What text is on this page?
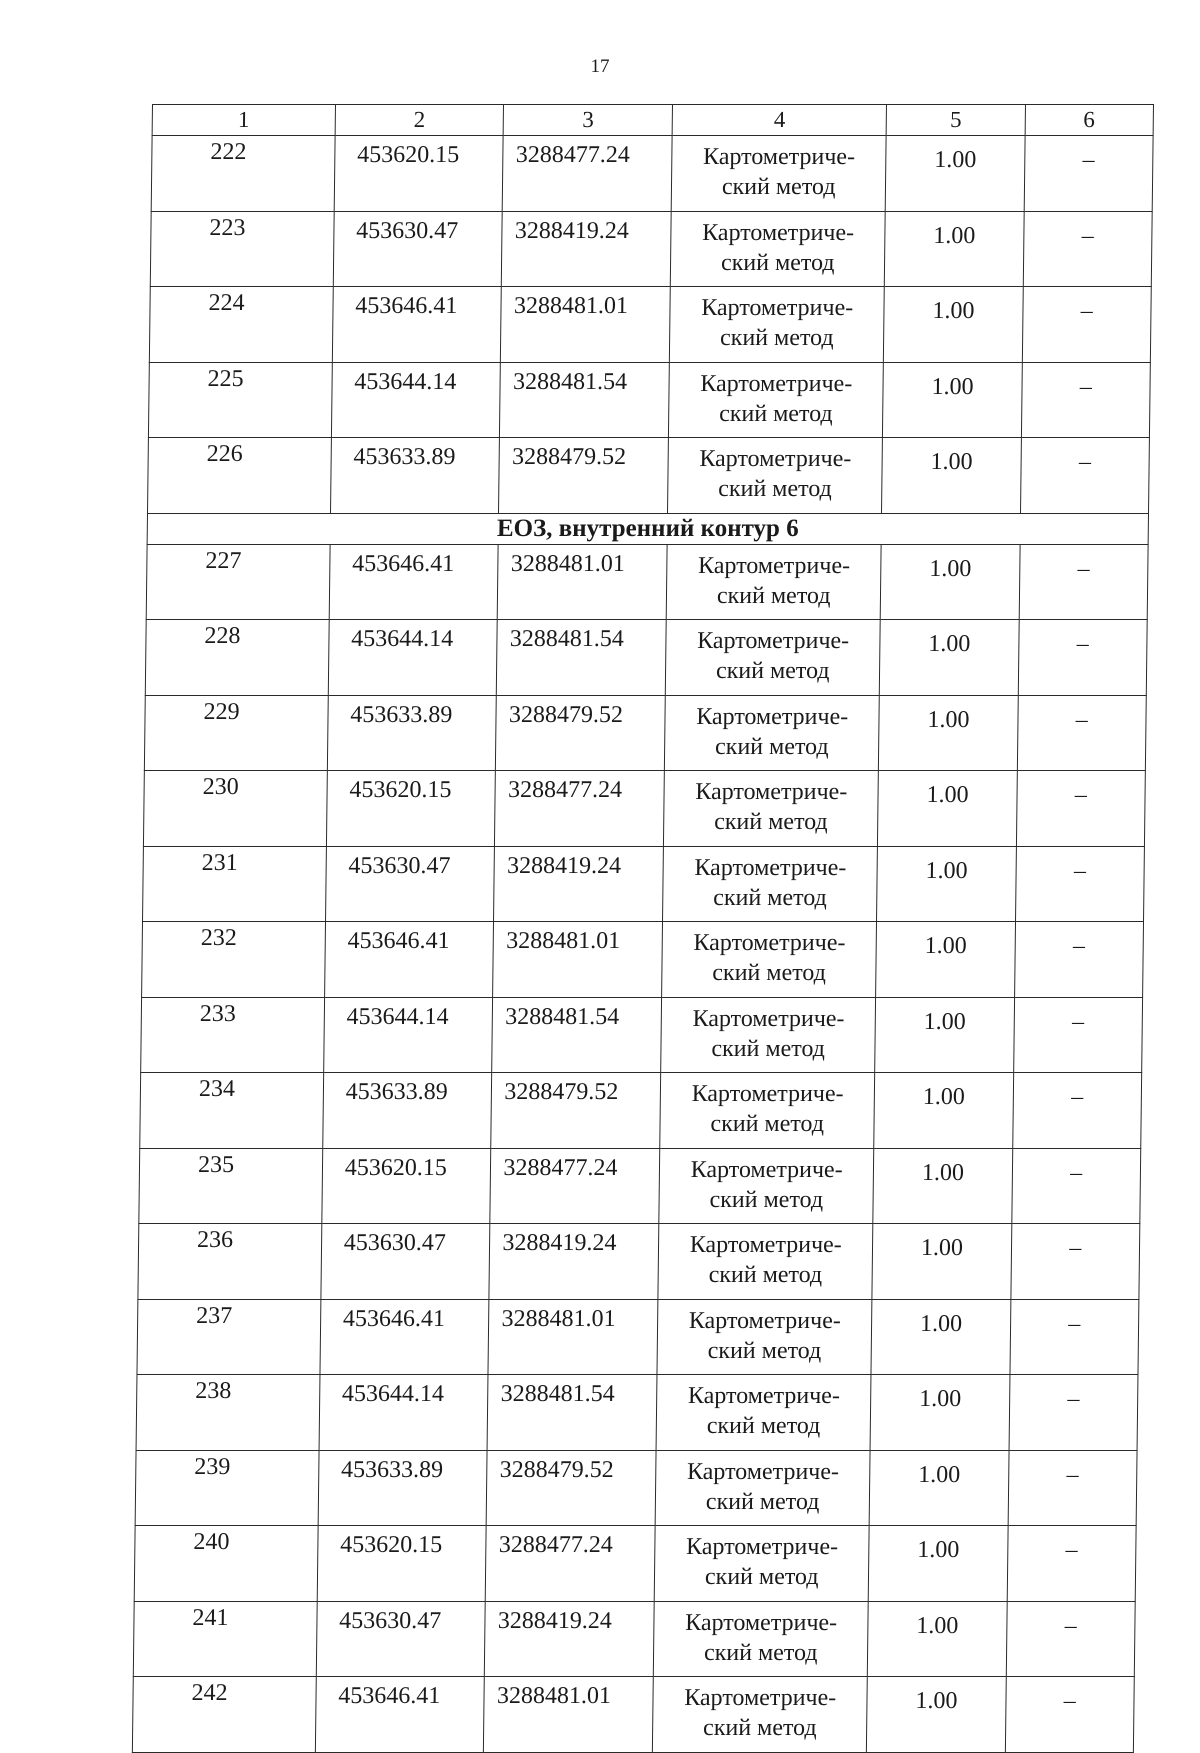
17
1	2	3	4	5	6
222	453620.15	3288477.24	Картометриче-
ский метод	1.00	–
223	453630.47	3288419.24	Картометриче-
ский метод	1.00	–
224	453646.41	3288481.01	Картометриче-
ский метод	1.00	–
225	453644.14	3288481.54	Картометриче-
ский метод	1.00	–
226	453633.89	3288479.52	Картометриче-
ский метод	1.00	–
ЕОЗ, внутренний контур 6					
227	453646.41	3288481.01	Картометриче-
ский метод	1.00	–
228	453644.14	3288481.54	Картометриче-
ский метод	1.00	–
229	453633.89	3288479.52	Картометриче-
ский метод	1.00	–
230	453620.15	3288477.24	Картометриче-
ский метод	1.00	–
231	453630.47	3288419.24	Картометриче-
ский метод	1.00	–
232	453646.41	3288481.01	Картометриче-
ский метод	1.00	–
233	453644.14	3288481.54	Картометриче-
ский метод	1.00	–
234	453633.89	3288479.52	Картометриче-
ский метод	1.00	–
235	453620.15	3288477.24	Картометриче-
ский метод	1.00	–
236	453630.47	3288419.24	Картометриче-
ский метод	1.00	–
237	453646.41	3288481.01	Картометриче-
ский метод	1.00	–
238	453644.14	3288481.54	Картометриче-
ский метод	1.00	–
239	453633.89	3288479.52	Картометриче-
ский метод	1.00	–
240	453620.15	3288477.24	Картометриче-
ский метод	1.00	–
241	453630.47	3288419.24	Картометриче-
ский метод	1.00	–
242	453646.41	3288481.01	Картометриче-
ский метод	1.00	–
